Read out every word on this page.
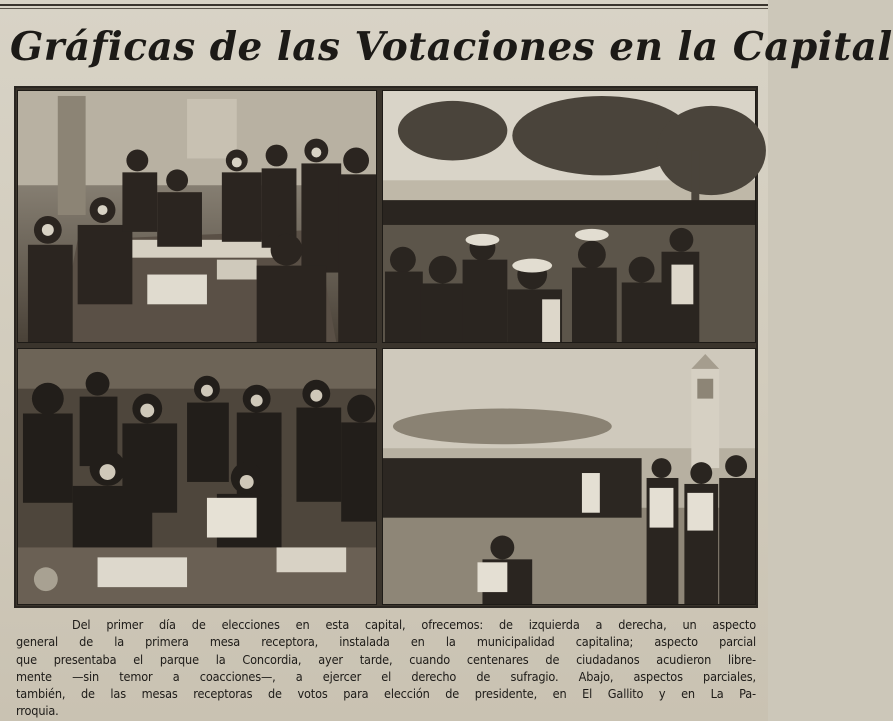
Gráficas de las Votaciones en la Capital
Del primer día de elecciones en esta capital, ofrecemos: de izquierda a derecha, un aspecto
general de la primera mesa receptora, instalada en la municipalidad capitalina; aspecto parcial
que presentaba el parque la Concordia, ayer tarde, cuando centenares de ciudadanos acudieron libre-
mente —sin temor a coacciones—, a ejercer el derecho de sufragio. Abajo, aspectos parciales,
también, de las mesas receptoras de votos para elección de presidente, en El Gallito y en La Pa-
rroquia.
